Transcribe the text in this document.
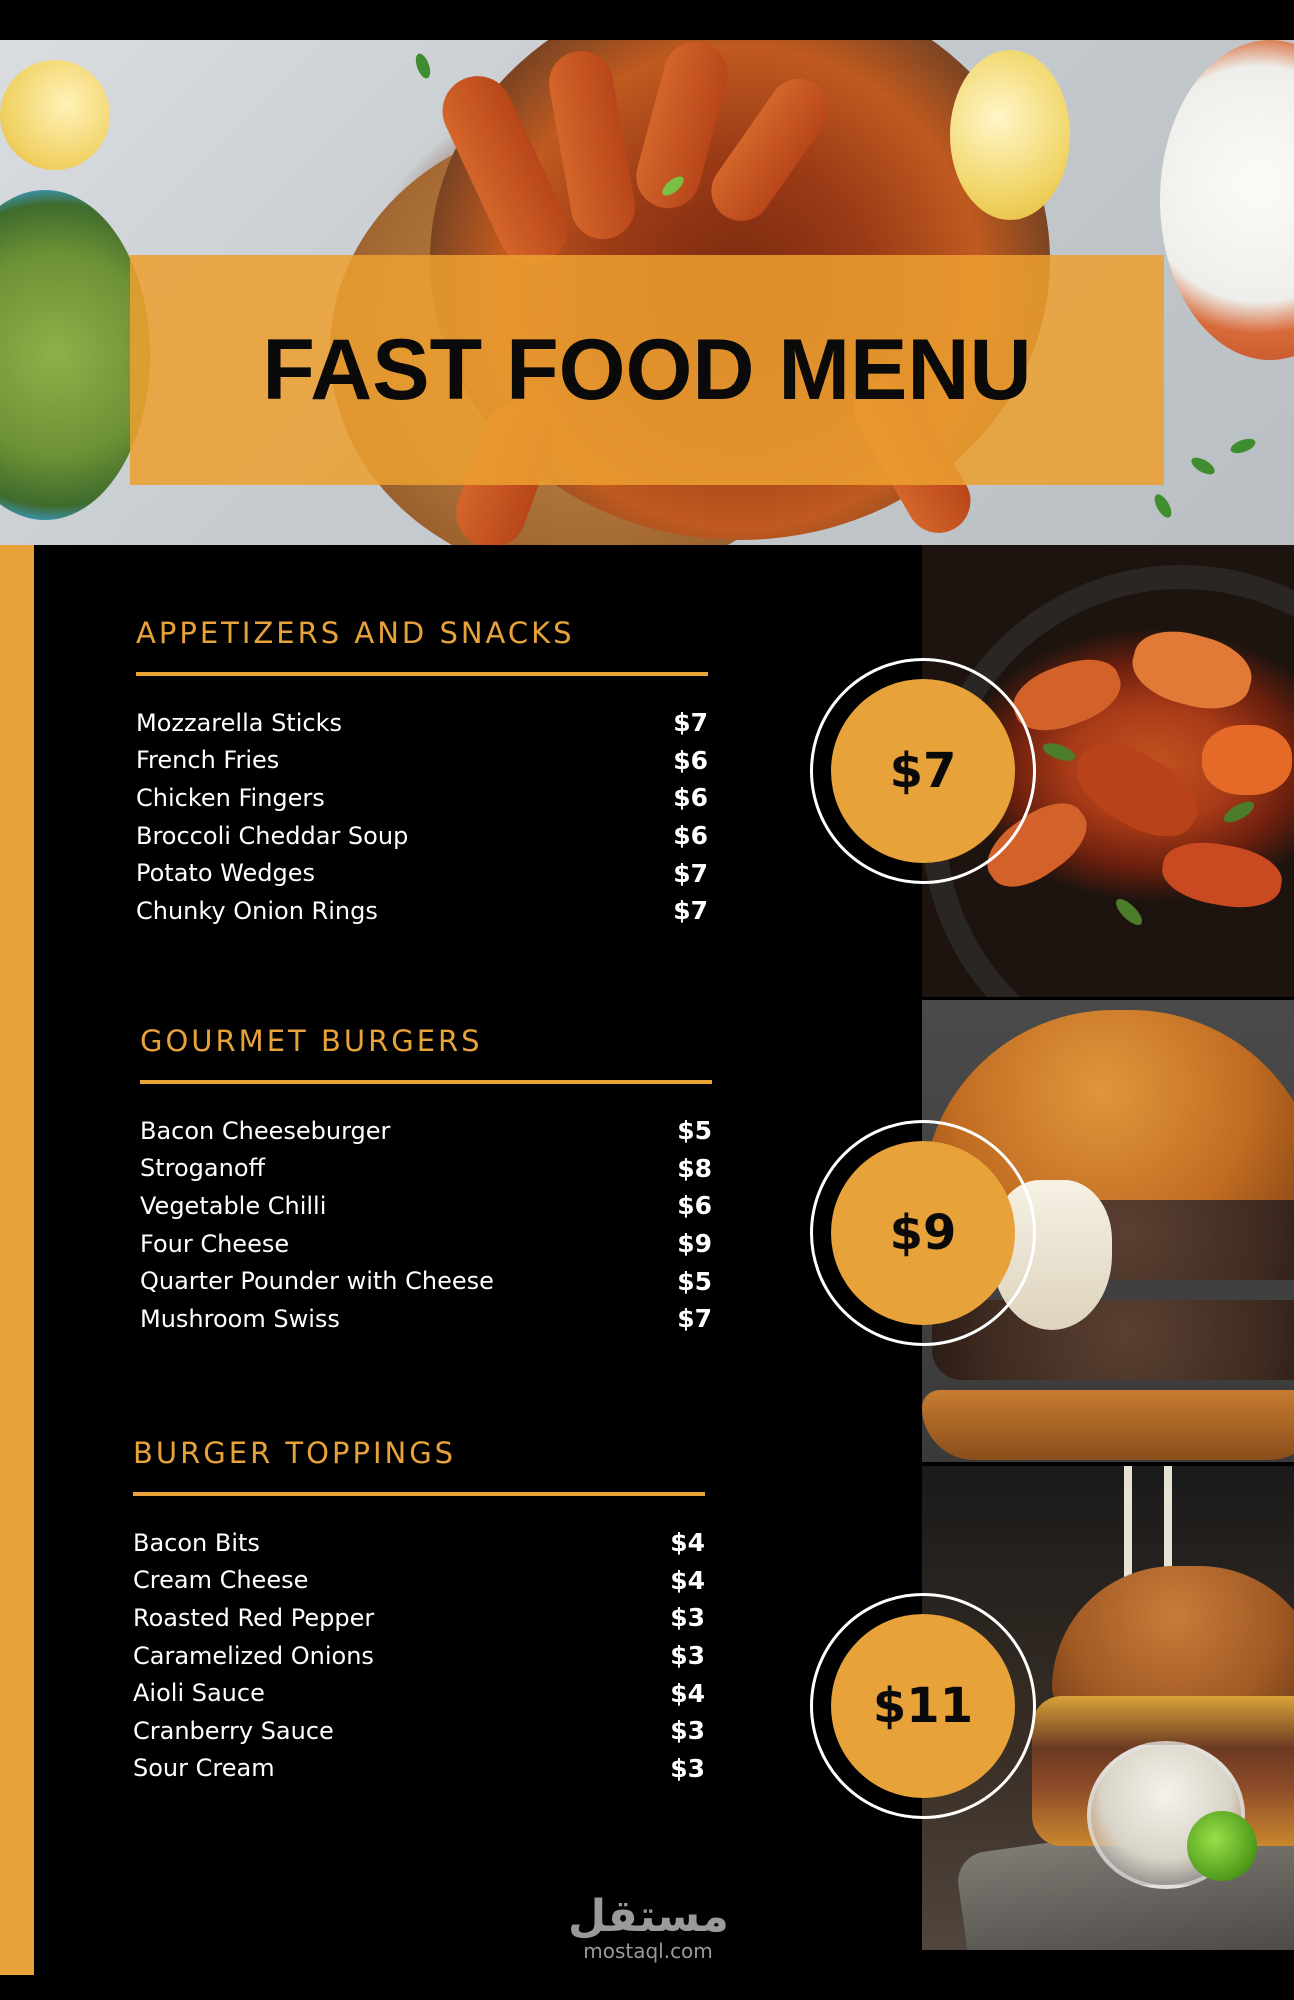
FAST FOOD MENU
APPETIZERS AND SNACKS
Mozzarella Sticks	$7
French Fries	$6
Chicken Fingers	$6
Broccoli Cheddar Soup	$6
Potato Wedges	$7
Chunky Onion Rings	$7
GOURMET BURGERS
Bacon Cheeseburger	$5
Stroganoff	$8
Vegetable Chilli	$6
Four Cheese	$9
Quarter Pounder with Cheese	$5
Mushroom Swiss	$7
BURGER TOPPINGS
Bacon Bits	$4
Cream Cheese	$4
Roasted Red Pepper	$3
Caramelized Onions	$3
Aioli Sauce	$4
Cranberry Sauce	$3
Sour Cream	$3
$7
$9
$11
مستقل
mostaql.com
